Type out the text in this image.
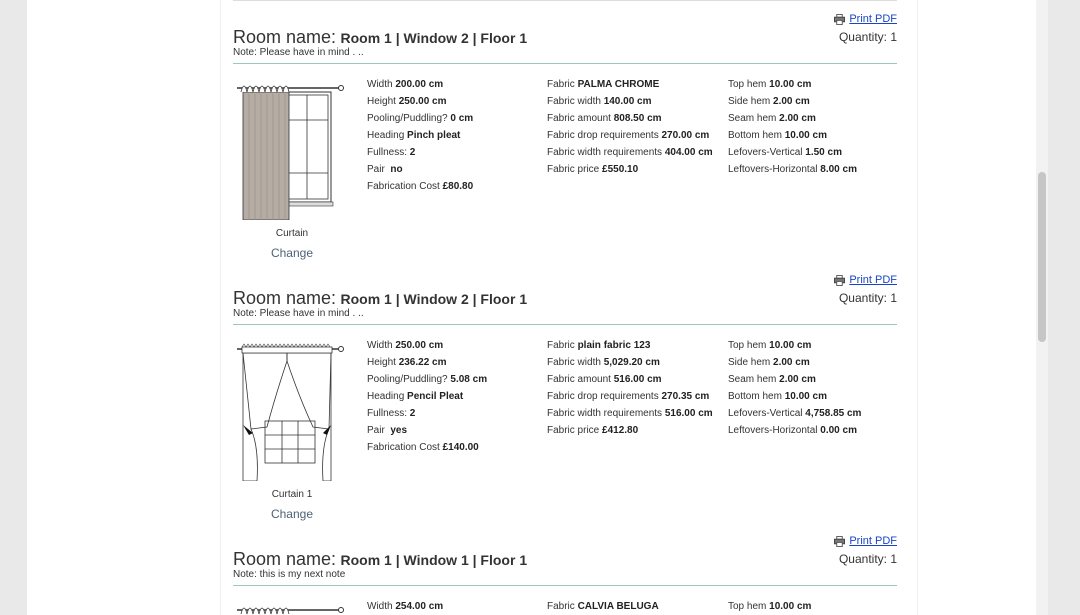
Room name: Room 1 | Window 2 | Floor 1
Note: Please have in mind . ..
Print PDF
Quantity: 1
Curtain
Change
Width 200.00 cm
Height 250.00 cm
Pooling/Puddling? 0 cm
Heading Pinch pleat
Fullness: 2
Pair no
Fabrication Cost £80.80
Fabric PALMA CHROME
Fabric width 140.00 cm
Fabric amount 808.50 cm
Fabric drop requirements 270.00 cm
Fabric width requirements 404.00 cm
Fabric price £550.10
Top hem 10.00 cm
Side hem 2.00 cm
Seam hem 2.00 cm
Bottom hem 10.00 cm
Lefovers-Vertical 1.50 cm
Leftovers-Horizontal 8.00 cm
Room name: Room 1 | Window 2 | Floor 1
Note: Please have in mind . ..
Print PDF
Quantity: 1
Curtain 1
Change
Width 250.00 cm
Height 236.22 cm
Pooling/Puddling? 5.08 cm
Heading Pencil Pleat
Fullness: 2
Pair yes
Fabrication Cost £140.00
Fabric plain fabric 123
Fabric width 5,029.20 cm
Fabric amount 516.00 cm
Fabric drop requirements 270.35 cm
Fabric width requirements 516.00 cm
Fabric price £412.80
Top hem 10.00 cm
Side hem 2.00 cm
Seam hem 2.00 cm
Bottom hem 10.00 cm
Lefovers-Vertical 4,758.85 cm
Leftovers-Horizontal 0.00 cm
Room name: Room 1 | Window 1 | Floor 1
Note: this is my next note
Print PDF
Quantity: 1
Width 254.00 cm	Fabric CALVIA BELUGA	Top hem 10.00 cm
